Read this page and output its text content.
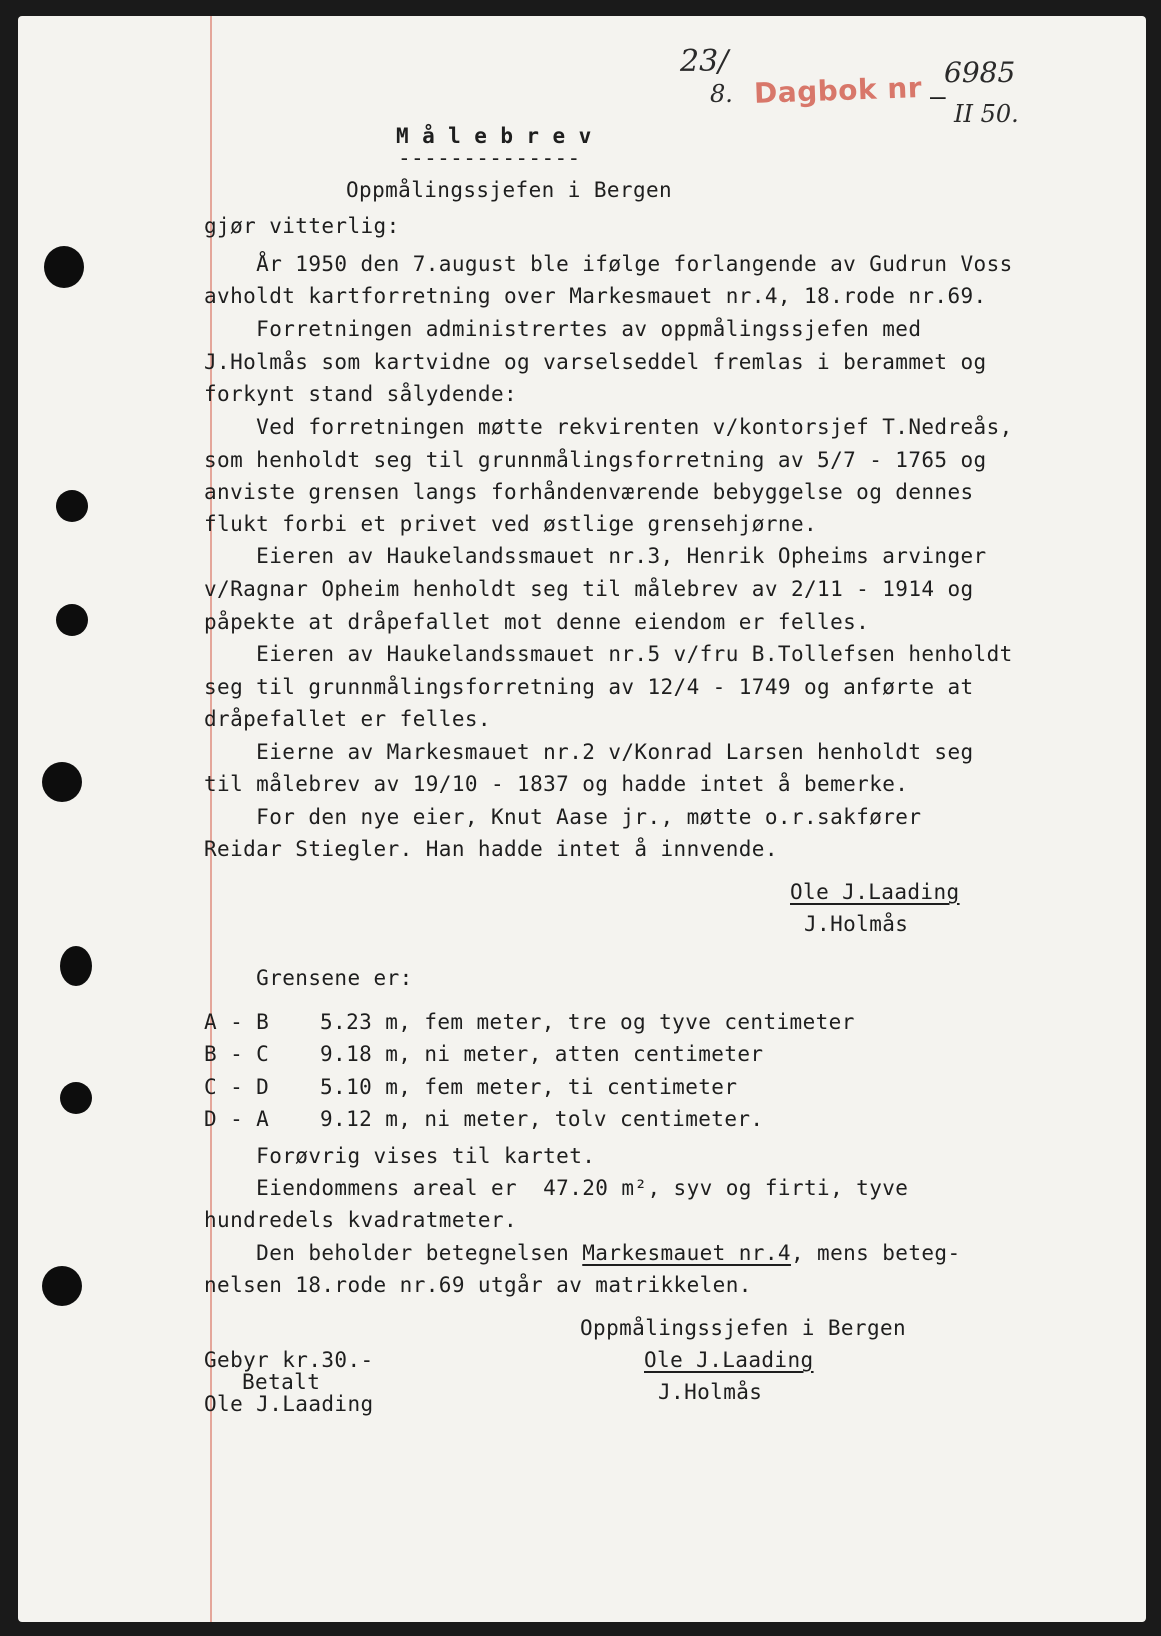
23/
8. Dagbok nr —
6985
II 50.
M å l e b r e v
--------------
Oppmålingssjefen i Bergen
gjør vitterlig:
År 1950 den 7.august ble ifølge forlangende av Gudrun Voss
avholdt kartforretning over Markesmauet nr.4, 18.rode nr.69.
Forretningen administrertes av oppmålingssjefen med
J.Holmås som kartvidne og varselseddel fremlas i berammet og
forkynt stand sålydende:
Ved forretningen møtte rekvirenten v/kontorsjef T.Nedreås,
som henholdt seg til grunnmålingsforretning av 5/7 - 1765 og
anviste grensen langs forhåndenværende bebyggelse og dennes
flukt forbi et privet ved østlige grensehjørne.
Eieren av Haukelandssmauet nr.3, Henrik Opheims arvinger
v/Ragnar Opheim henholdt seg til målebrev av 2/11 - 1914 og
påpekte at dråpefallet mot denne eiendom er felles.
Eieren av Haukelandssmauet nr.5 v/fru B.Tollefsen henholdt
seg til grunnmålingsforretning av 12/4 - 1749 og anførte at
dråpefallet er felles.
Eierne av Markesmauet nr.2 v/Konrad Larsen henholdt seg
til målebrev av 19/10 - 1837 og hadde intet å bemerke.
For den nye eier, Knut Aase jr., møtte o.r.sakfører
Reidar Stiegler. Han hadde intet å innvende.
Ole J.Laading
J.Holmås
Grensene er:
A - B 5.23 m, fem meter, tre og tyve centimeter
B - C 9.18 m, ni meter, atten centimeter
C - D 5.10 m, fem meter, ti centimeter
D - A 9.12 m, ni meter, tolv centimeter.
Forøvrig vises til kartet.
Eiendommens areal er  47.20 m², syv og firti, tyve
hundredels kvadratmeter.
Den beholder betegnelsen Markesmauet nr.4, mens beteg-
nelsen 18.rode nr.69 utgår av matrikkelen.
Oppmålingssjefen i Bergen
Ole J.Laading
J.Holmås
Gebyr kr.30.-
Betalt
Ole J.Laading
